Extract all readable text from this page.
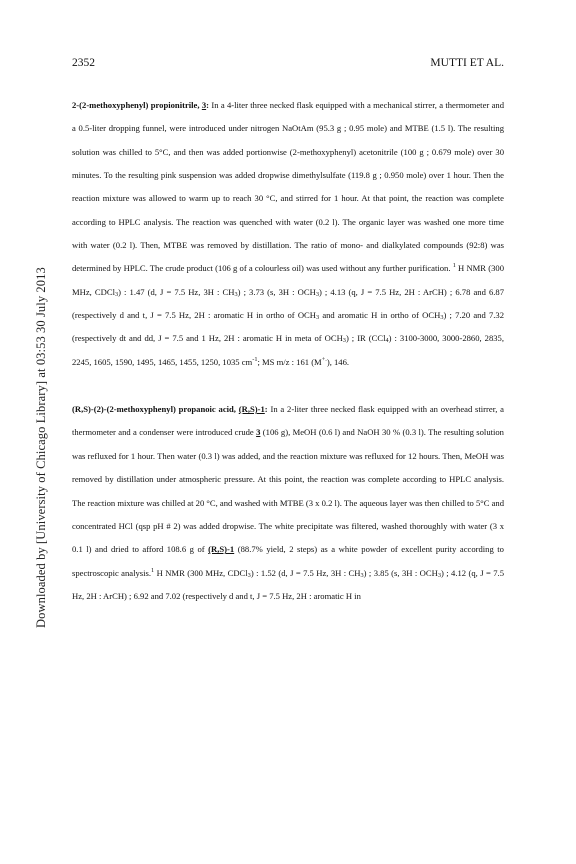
Downloaded by [University of Chicago Library] at 03:53 30 July 2013
2352	MUTTI ET AL.

2-(2-methoxyphenyl) propionitrile, 3: In a 4-liter three necked flask equipped with a mechanical stirrer, a thermometer and a 0.5-liter dropping funnel, were introduced under nitrogen NaOtAm (95.3 g ; 0.95 mole) and MTBE (1.5 l). The resulting solution was chilled to 5°C, and then was added portionwise (2-methoxyphenyl) acetonitrile (100 g ; 0.679 mole) over 30 minutes. To the resulting pink suspension was added dropwise dimethylsulfate (119.8 g ; 0.950 mole) over 1 hour. Then the reaction mixture was allowed to warm up to reach 30 °C, and stirred for 1 hour. At that point, the reaction was complete according to HPLC analysis. The reaction was quenched with water (0.2 l). The organic layer was washed one more time with water (0.2 l). Then, MTBE was removed by distillation. The ratio of mono- and dialkylated compounds (92:8) was determined by HPLC. The crude product (106 g of a colourless oil) was used without any further purification. $^1$ H NMR (300 MHz, CDCl$_3$) : 1.47 (d, J = 7.5 Hz, 3H : $CH_3$) ; 3.73 (s, 3H : $OCH_3$) ; 4.13 (q, J = 7.5 Hz, 2H : ArCH) ; 6.78 and 6.87 (respectively d and t, J = 7.5 Hz, 2H : aromatic H in ortho of $OCH_3$ and aromatic H in ortho of $OCH_3$) ; 7.20 and 7.32 (respectively dt and dd, J = 7.5 and 1 Hz, 2H : aromatic H in meta of $OCH_3$) ; IR (CCl$_4$) : 3100-3000, 3000-2860, 2835, 2245, 1605, 1590, 1495, 1465, 1455, 1250, 1035 $cm^{-1}$; MS m/z : 161 (M+.), 146.

(R,S)-(2)-(2-methoxyphenyl) propanoic acid, (R,S)-1: In a 2-liter three necked flask equipped with an overhead stirrer, a thermometer and a condenser were introduced crude 3 (106 g), MeOH (0.6 l) and NaOH 30 % (0.3 l). The resulting solution was refluxed for 1 hour. Then water (0.3 l) was added, and the reaction mixture was refluxed for 12 hours. Then, MeOH was removed by distillation under atmospheric pressure. At this point, the reaction was complete according to HPLC analysis. The reaction mixture was chilled at 20 °C, and washed with MTBE (3 x 0.2 l). The aqueous layer was then chilled to 5°C and concentrated HCl (qsp pH # 2) was added dropwise. The white precipitate was filtered, washed thoroughly with water (3 x 0.1 l) and dried to afford 108.6 g of (R,S)-1 (88.7% yield, 2 steps) as a white powder of excellent purity according to spectroscopic analysis.$^1$ H NMR (300 MHz, CDCl$_3$) : 1.52 (d, J = 7.5 Hz, 3H : $CH_3$) ; 3.85 (s, 3H : $OCH_3$) ; 4.12 (q, J = 7.5 Hz, 2H : ArCH) ; 6.92 and 7.02 (respectively d and t, J = 7.5 Hz, 2H : aromatic H in
